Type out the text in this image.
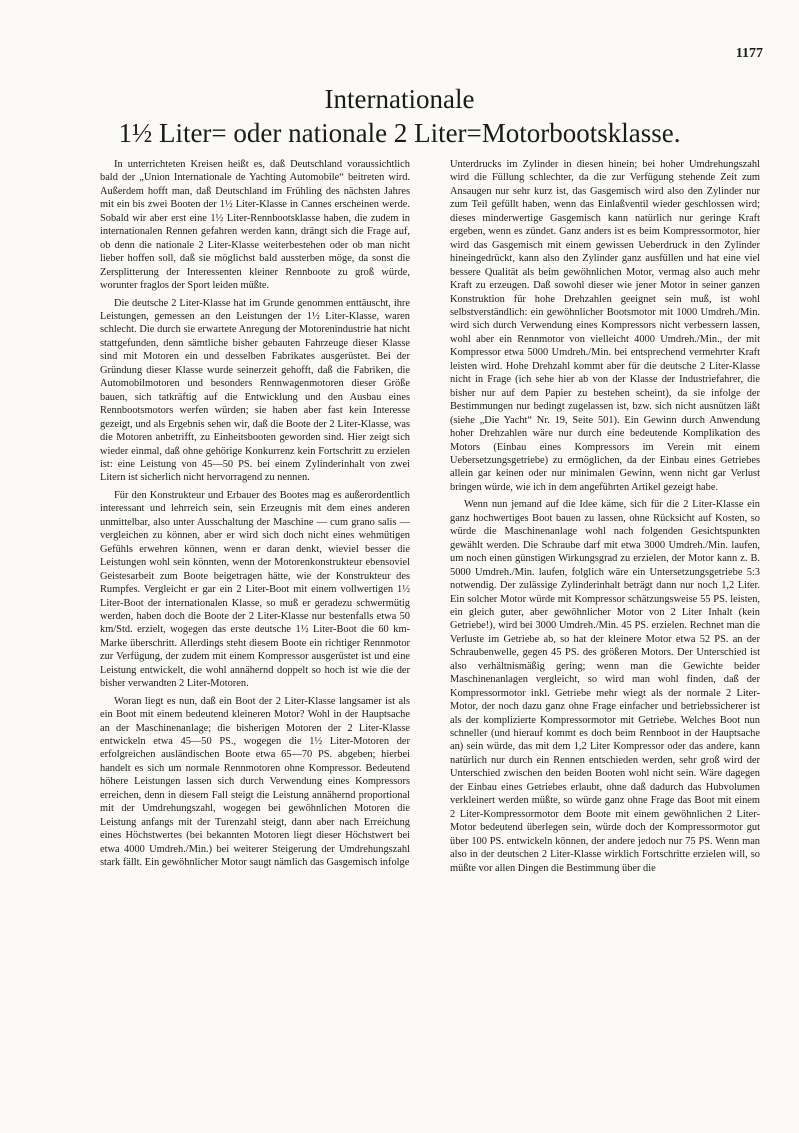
1177
Internationale
1½ Liter= oder nationale 2 Liter=Motorbootsklasse.

In unterrichteten Kreisen heißt es, daß Deutschland voraussichtlich bald der „Union Internationale de Yachting Automobile“ beitreten wird. Außerdem hofft man, daß Deutschland im Frühling des nächsten Jahres mit ein bis zwei Booten der 1½ Liter-Klasse in Cannes erscheinen werde. Sobald wir aber erst eine 1½ Liter-Rennbootsklasse haben, die zudem in internationalen Rennen gefahren werden kann, drängt sich die Frage auf, ob denn die nationale 2 Liter-Klasse weiterbestehen oder ob man nicht lieber hoffen soll, daß sie möglichst bald aussterben möge, da sonst die Zersplitterung der Interessenten kleiner Rennboote zu groß würde, worunter fraglos der Sport leiden müßte.

Die deutsche 2 Liter-Klasse hat im Grunde genommen enttäuscht, ihre Leistungen, gemessen an den Leistungen der 1½ Liter-Klasse, waren schlecht. Die durch sie erwartete Anregung der Motorenindustrie hat nicht stattgefunden, denn sämtliche bisher gebauten Fahrzeuge dieser Klasse sind mit Motoren ein und desselben Fabrikates ausgerüstet. Bei der Gründung dieser Klasse wurde seinerzeit gehofft, daß die Fabriken, die Automobilmotoren und besonders Rennwagenmotoren dieser Größe bauen, sich tatkräftig auf die Entwicklung und den Ausbau eines Rennbootsmotors werfen würden; sie haben aber fast kein Interesse gezeigt, und als Ergebnis sehen wir, daß die Boote der 2 Liter-Klasse, was die Motoren anbetrifft, zu Einheitsbooten geworden sind. Hier zeigt sich wieder einmal, daß ohne gehörige Konkurrenz kein Fortschritt zu erzielen ist: eine Leistung von 45—50 PS. bei einem Zylinderinhalt von zwei Litern ist sicherlich nicht hervorragend zu nennen.

Für den Konstrukteur und Erbauer des Bootes mag es außerordentlich interessant und lehrreich sein, sein Erzeugnis mit dem eines anderen unmittelbar, also unter Ausschaltung der Maschine — cum grano salis — vergleichen zu können, aber er wird sich doch nicht eines wehmütigen Gefühls erwehren können, wenn er daran denkt, wieviel besser die Leistungen wohl sein könnten, wenn der Motorenkonstrukteur ebensoviel Geistesarbeit zum Boote beigetragen hätte, wie der Konstrukteur des Rumpfes. Vergleicht er gar ein 2 Liter-Boot mit einem vollwertigen 1½ Liter-Boot der internationalen Klasse, so muß er geradezu schwermütig werden, haben doch die Boote der 2 Liter-Klasse nur bestenfalls etwa 50 km/Std. erzielt, wogegen das erste deutsche 1½ Liter-Boot die 60 km-Marke überschritt. Allerdings steht diesem Boote ein richtiger Rennmotor zur Verfügung, der zudem mit einem Kompressor ausgerüstet ist und eine Leistung entwickelt, die wohl annähernd doppelt so hoch ist wie die der bisher verwandten 2 Liter-Motoren.

Woran liegt es nun, daß ein Boot der 2 Liter-Klasse langsamer ist als ein Boot mit einem bedeutend kleineren Motor? Wohl in der Hauptsache an der Maschinenanlage; die bisherigen Motoren der 2 Liter-Klasse entwickeln etwa 45—50 PS., wogegen die 1½ Liter-Motoren der erfolgreichen ausländischen Boote etwa 65—70 PS. abgeben; hierbei handelt es sich um normale Rennmotoren ohne Kompressor. Bedeutend höhere Leistungen lassen sich durch Verwendung eines Kompressors erreichen, denn in diesem Fall steigt die Leistung annähernd proportional mit der Umdrehungszahl, wogegen bei gewöhnlichen Motoren die Leistung anfangs mit der Turenzahl steigt, dann aber nach Erreichung eines Höchstwertes (bei bekannten Motoren liegt dieser Höchstwert bei etwa 4000 Umdreh./Min.) bei weiterer Steigerung der Umdrehungszahl stark fällt. Ein gewöhnlicher Motor saugt nämlich das Gasgemisch infolge

Unterdrucks im Zylinder in diesen hinein; bei hoher Umdrehungszahl wird die Füllung schlechter, da die zur Verfügung stehende Zeit zum Ansaugen nur sehr kurz ist, das Gasgemisch wird also den Zylinder nur zum Teil gefüllt haben, wenn das Einlaßventil wieder geschlossen wird; dieses minderwertige Gasgemisch kann natürlich nur geringe Kraft ergeben, wenn es zündet. Ganz anders ist es beim Kompressormotor, hier wird das Gasgemisch mit einem gewissen Ueberdruck in den Zylinder hineingedrückt, kann also den Zylinder ganz ausfüllen und hat eine viel bessere Qualität als beim gewöhnlichen Motor, vermag also auch mehr Kraft zu erzeugen. Daß sowohl dieser wie jener Motor in seiner ganzen Konstruktion für hohe Drehzahlen geeignet sein muß, ist wohl selbstverständlich: ein gewöhnlicher Bootsmotor mit 1000 Umdreh./Min. wird sich durch Verwendung eines Kompressors nicht verbessern lassen, wohl aber ein Rennmotor von vielleicht 4000 Umdreh./Min., der mit Kompressor etwa 5000 Umdreh./Min. bei entsprechend vermehrter Kraft leisten wird. Hohe Drehzahl kommt aber für die deutsche 2 Liter-Klasse nicht in Frage (ich sehe hier ab von der Klasse der Industriefahrer, die bisher nur auf dem Papier zu bestehen scheint), da sie infolge der Bestimmungen nur bedingt zugelassen ist, bzw. sich nicht ausnützen läßt (siehe „Die Yacht“ Nr. 19, Seite 501). Ein Gewinn durch Anwendung hoher Drehzahlen wäre nur durch eine bedeutende Komplikation des Motors (Einbau eines Kompressors im Verein mit einem Uebersetzungsgetriebe) zu ermöglichen, da der Einbau eines Getriebes allein gar keinen oder nur minimalen Gewinn, wenn nicht gar Verlust bringen würde, wie ich in dem angeführten Artikel gezeigt habe.

Wenn nun jemand auf die Idee käme, sich für die 2 Liter-Klasse ein ganz hochwertiges Boot bauen zu lassen, ohne Rücksicht auf Kosten, so würde die Maschinenanlage wohl nach folgenden Gesichtspunkten gewählt werden. Die Schraube darf mit etwa 3000 Umdreh./Min. laufen, um noch einen günstigen Wirkungsgrad zu erzielen, der Motor kann z. B. 5000 Umdreh./Min. laufen, folglich wäre ein Untersetzungsgetriebe 5:3 notwendig. Der zulässige Zylinderinhalt beträgt dann nur noch 1,2 Liter. Ein solcher Motor würde mit Kompressor schätzungsweise 55 PS. leisten, ein gleich guter, aber gewöhnlicher Motor von 2 Liter Inhalt (kein Getriebe!), wird bei 3000 Umdreh./Min. 45 PS. erzielen. Rechnet man die Verluste im Getriebe ab, so hat der kleinere Motor etwa 52 PS. an der Schraubenwelle, gegen 45 PS. des größeren Motors. Der Unterschied ist also verhältnismäßig gering; wenn man die Gewichte beider Maschinenanlagen vergleicht, so wird man wohl finden, daß der Kompressormotor inkl. Getriebe mehr wiegt als der normale 2 Liter-Motor, der noch dazu ganz ohne Frage einfacher und betriebssicherer ist als der komplizierte Kompressormotor mit Getriebe. Welches Boot nun schneller (und hierauf kommt es doch beim Rennboot in der Hauptsache an) sein würde, das mit dem 1,2 Liter Kompressor oder das andere, kann natürlich nur durch ein Rennen entschieden werden, sehr groß wird der Unterschied zwischen den beiden Booten wohl nicht sein. Wäre dagegen der Einbau eines Getriebes erlaubt, ohne daß dadurch das Hubvolumen verkleinert werden müßte, so würde ganz ohne Frage das Boot mit einem 2 Liter-Kompressormotor dem Boote mit einem gewöhnlichen 2 Liter-Motor bedeutend überlegen sein, würde doch der Kompressormotor gut über 100 PS. entwickeln können, der andere jedoch nur 75 PS. Wenn man also in der deutschen 2 Liter-Klasse wirklich Fortschritte erzielen will, so müßte vor allen Dingen die Bestimmung über die
